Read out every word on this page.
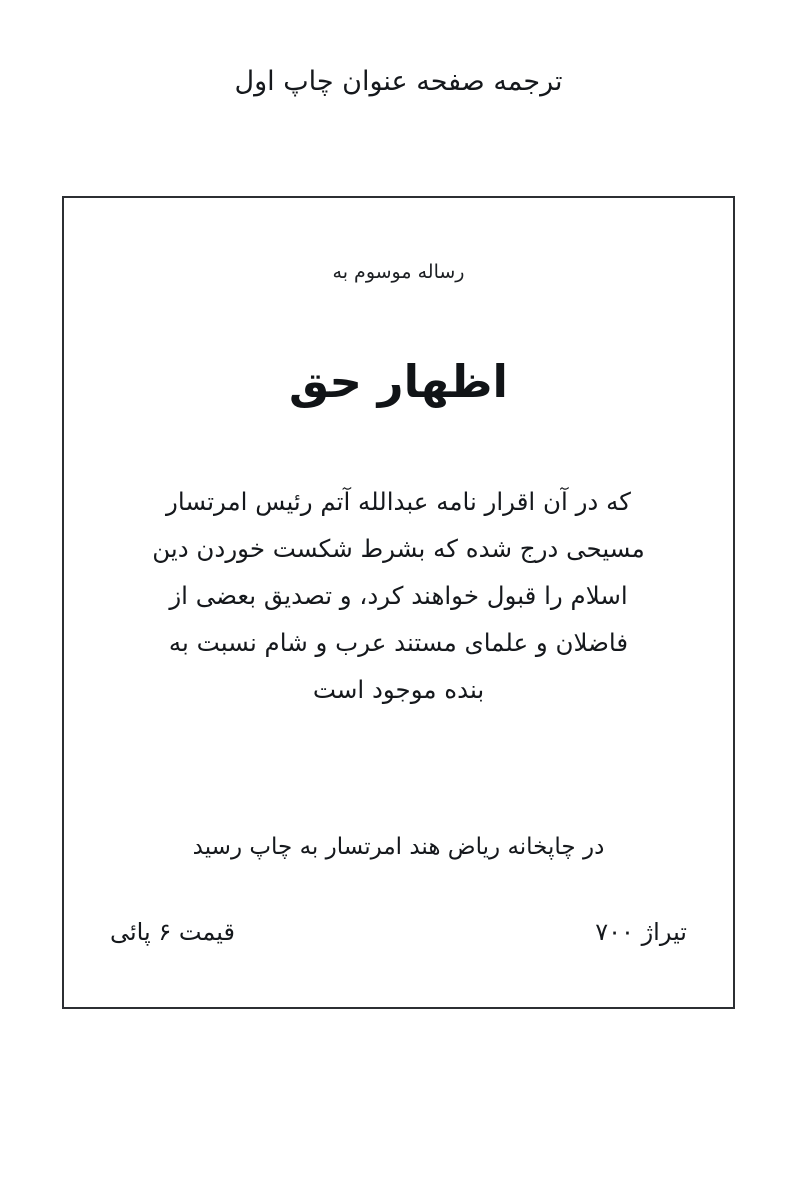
ترجمه صفحه عنوان چاپ اول
رساله موسوم به
اظهار حق

که در آن اقرار نامه عبدالله آتم رئیس امرتسار

مسیحی درج شده که بشرط شکست خوردن دین

اسلام را قبول خواهند کرد، و تصدیق بعضی از

فاضلان و علمای مستند عرب و شام نسبت به

بنده موجود است

در چاپخانه ریاض هند امرتسار به چاپ رسید
تیراژ ۷۰۰
قیمت ۶ پائی
